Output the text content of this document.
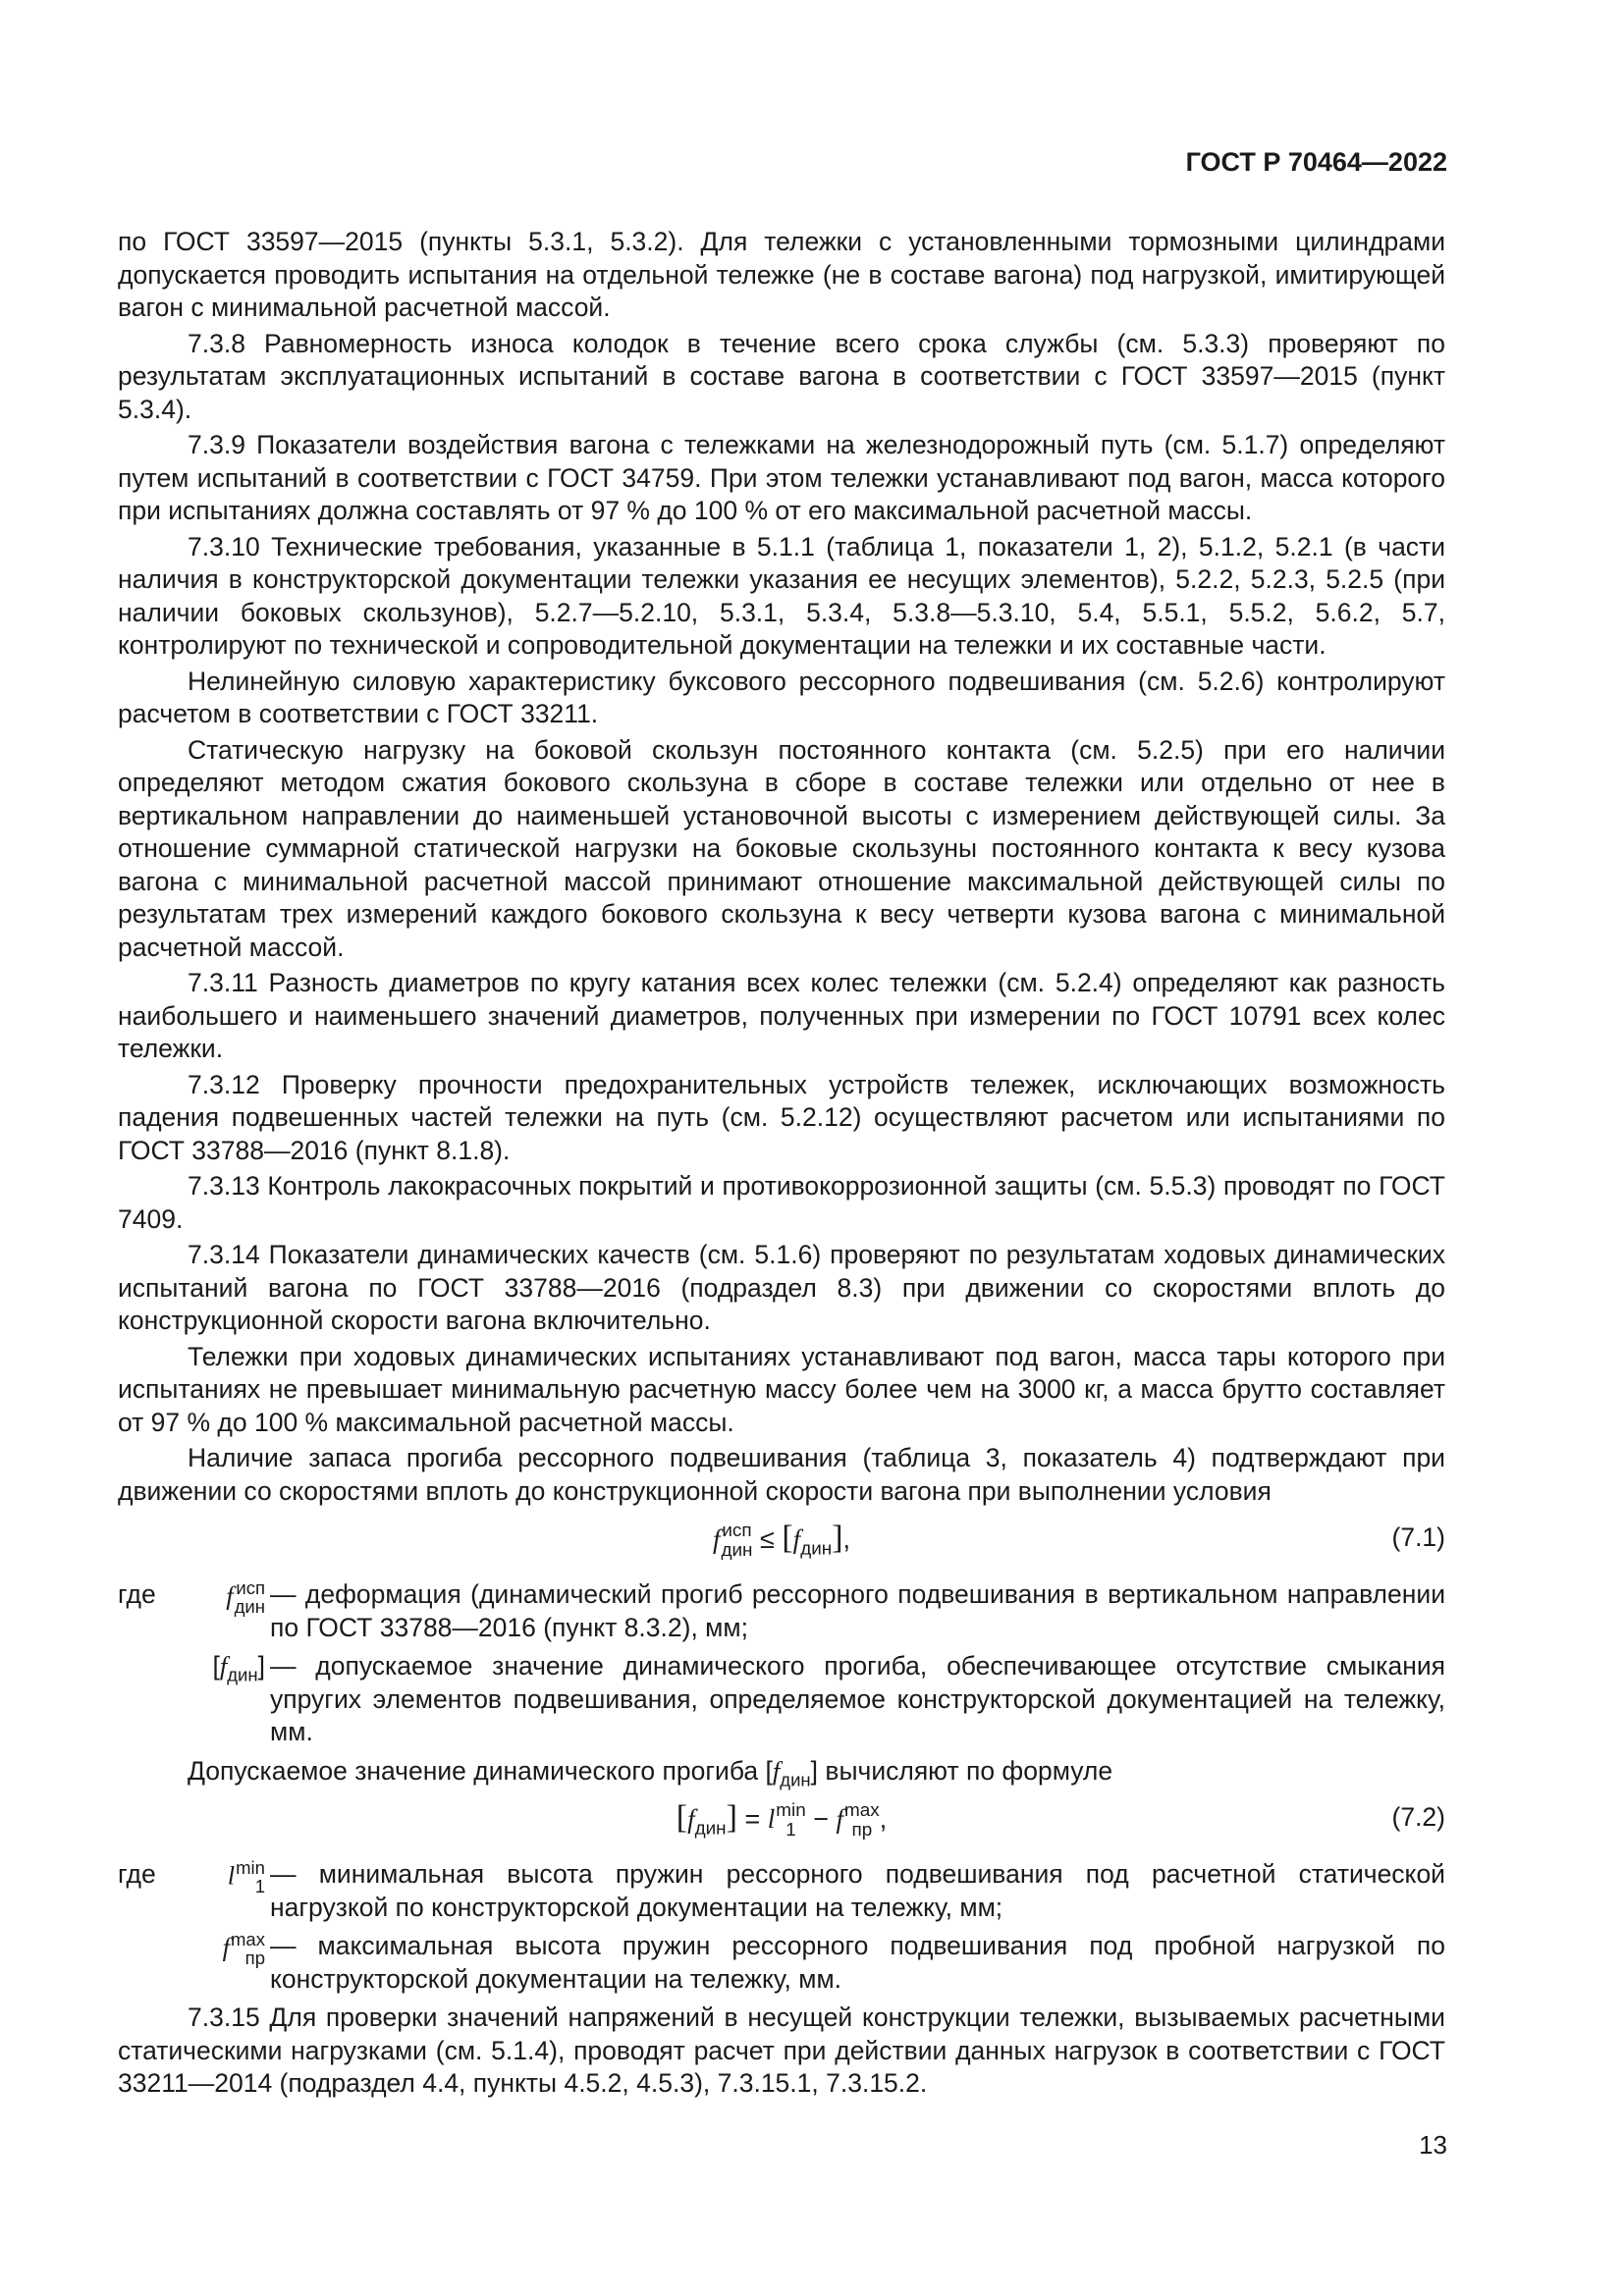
ГОСТ Р 70464—2022

по ГОСТ 33597—2015 (пункты 5.3.1, 5.3.2). Для тележки с установленными тормозными цилиндрами допускается проводить испытания на отдельной тележке (не в составе вагона) под нагрузкой, имитирующей вагон с минимальной расчетной массой.

7.3.8 Равномерность износа колодок в течение всего срока службы (см. 5.3.3) проверяют по результатам эксплуатационных испытаний в составе вагона в соответствии с ГОСТ 33597—2015 (пункт 5.3.4).

7.3.9 Показатели воздействия вагона с тележками на железнодорожный путь (см. 5.1.7) определяют путем испытаний в соответствии с ГОСТ 34759. При этом тележки устанавливают под вагон, масса которого при испытаниях должна составлять от 97 % до 100 % от его максимальной расчетной массы.

7.3.10 Технические требования, указанные в 5.1.1 (таблица 1, показатели 1, 2), 5.1.2, 5.2.1 (в части наличия в конструкторской документации тележки указания ее несущих элементов), 5.2.2, 5.2.3, 5.2.5 (при наличии боковых скользунов), 5.2.7—5.2.10, 5.3.1, 5.3.4, 5.3.8—5.3.10, 5.4, 5.5.1, 5.5.2, 5.6.2, 5.7, контролируют по технической и сопроводительной документации на тележки и их составные части.

Нелинейную силовую характеристику буксового рессорного подвешивания (см. 5.2.6) контролируют расчетом в соответствии с ГОСТ 33211.

Статическую нагрузку на боковой скользун постоянного контакта (см. 5.2.5) при его наличии определяют методом сжатия бокового скользуна в сборе в составе тележки или отдельно от нее в вертикальном направлении до наименьшей установочной высоты с измерением действующей силы. За отношение суммарной статической нагрузки на боковые скользуны постоянного контакта к весу кузова вагона с минимальной расчетной массой принимают отношение максимальной действующей силы по результатам трех измерений каждого бокового скользуна к весу четверти кузова вагона с минимальной расчетной массой.

7.3.11 Разность диаметров по кругу катания всех колес тележки (см. 5.2.4) определяют как разность наибольшего и наименьшего значений диаметров, полученных при измерении по ГОСТ 10791 всех колес тележки.

7.3.12 Проверку прочности предохранительных устройств тележек, исключающих возможность падения подвешенных частей тележки на путь (см. 5.2.12) осуществляют расчетом или испытаниями по ГОСТ 33788—2016 (пункт 8.1.8).

7.3.13 Контроль лакокрасочных покрытий и противокоррозионной защиты (см. 5.5.3) проводят по ГОСТ 7409.

7.3.14 Показатели динамических качеств (см. 5.1.6) проверяют по результатам ходовых динамических испытаний вагона по ГОСТ 33788—2016 (подраздел 8.3) при движении со скоростями вплоть до конструкционной скорости вагона включительно.

Тележки при ходовых динамических испытаниях устанавливают под вагон, масса тары которого при испытаниях не превышает минимальную расчетную массу более чем на 3000 кг, а масса брутто составляет от 97 % до 100 % максимальной расчетной массы.

Наличие запаса прогиба рессорного подвешивания (таблица 3, показатель 4) подтверждают при движении со скоростями вплоть до конструкционной скорости вагона при выполнении условия

f исп
дин ≤ $[f_{дин}]$,	(7.1)
где	f исп
дин — деформация (динамический прогиб рессорного подвешивания в вертикальном направлении по ГОСТ 33788—2016 (пункт 8.3.2), мм;
$[f_{дин}]$ — допускаемое значение динамического прогиба, обеспечивающее отсутствие смыкания упругих элементов подвешивания, определяемое конструкторской документацией на тележку, мм.

Допускаемое значение динамического прогиба $[f_{дин}]$ вычисляют по формуле

$[f_{дин}] = l$ min
1 − f max
пр ,	(7.2)
где	l min
1 — минимальная высота пружин рессорного подвешивания под расчетной статической нагрузкой по конструкторской документации на тележку, мм;
f max
пр — максимальная высота пружин рессорного подвешивания под пробной нагрузкой по конструкторской документации на тележку, мм.

7.3.15 Для проверки значений напряжений в несущей конструкции тележки, вызываемых расчетными статическими нагрузками (см. 5.1.4), проводят расчет при действии данных нагрузок в соответствии с ГОСТ 33211—2014 (подраздел 4.4, пункты 4.5.2, 4.5.3), 7.3.15.1, 7.3.15.2.

13
